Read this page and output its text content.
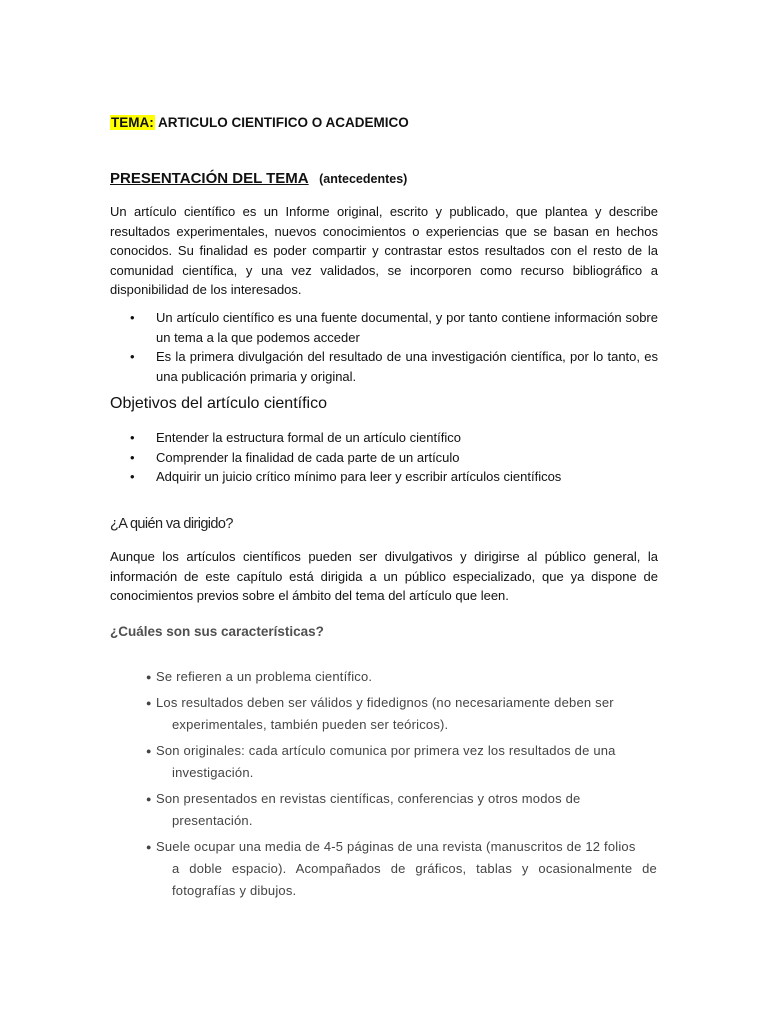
TEMA: ARTICULO CIENTIFICO O ACADEMICO
PRESENTACIÓN DEL TEMA (antecedentes)
Un artículo científico es un Informe original, escrito y publicado, que plantea y describe resultados experimentales, nuevos conocimientos o experiencias que se basan en hechos conocidos. Su finalidad es poder compartir y contrastar estos resultados con el resto de la comunidad científica, y una vez validados, se incorporen como recurso bibliográfico a disponibilidad de los interesados.
• Un artículo científico es una fuente documental, y por tanto contiene información sobre un tema a la que podemos acceder
• Es la primera divulgación del resultado de una investigación científica, por lo tanto, es una publicación primaria y original.
Objetivos del artículo científico
• Entender la estructura formal de un artículo científico
• Comprender la finalidad de cada parte de un artículo
• Adquirir un juicio crítico mínimo para leer y escribir artículos científicos
¿A quién va dirigido?
Aunque los artículos científicos pueden ser divulgativos y dirigirse al público general, la información de este capítulo está dirigida a un público especializado, que ya dispone de conocimientos previos sobre el ámbito del tema del artículo que leen.
¿Cuáles son sus características?
● Se refieren a un problema científico.
● Los resultados deben ser válidos y fidedignos (no necesariamente deben ser
experimentales, también pueden ser teóricos).
● Son originales: cada artículo comunica por primera vez los resultados de una
investigación.
● Son presentados en revistas científicas, conferencias y otros modos de
presentación.
● Suele ocupar una media de 4-5 páginas de una revista (manuscritos de 12 folios
a doble espacio). Acompañados de gráficos, tablas y ocasionalmente de fotografías y dibujos.
